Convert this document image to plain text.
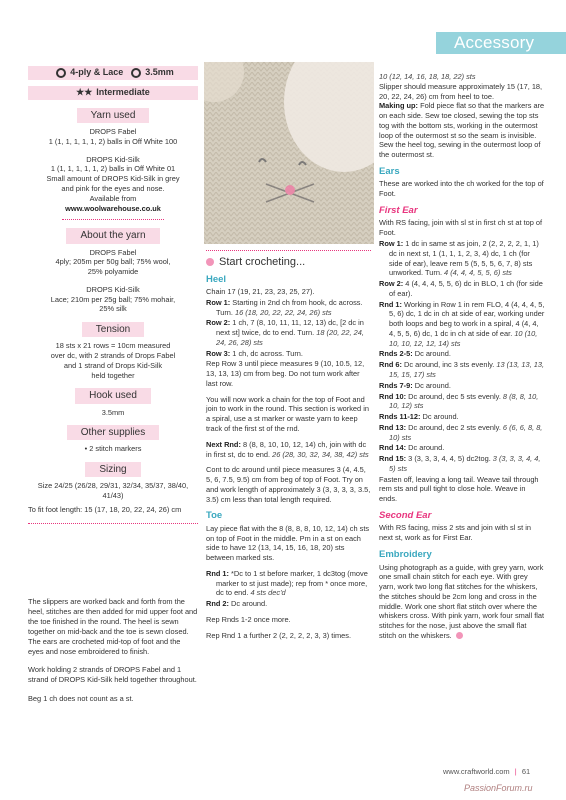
Accessory
4-ply & Lace 3.5mm
★★ Intermediate
Yarn used
DROPS Fabel
1 (1, 1, 1, 1, 1, 2) balls in Off White 100
DROPS Kid-Silk
1 (1, 1, 1, 1, 1, 2) balls in Off White 01
Small amount of DROPS Kid-Silk in grey
and pink for the eyes and nose.
Available from
www.woolwarehouse.co.uk
About the yarn
DROPS Fabel
4ply; 205m per 50g ball; 75% wool,
25% polyamide
DROPS Kid-Silk
Lace; 210m per 25g ball; 75% mohair,
25% silk
Tension
18 sts x 21 rows = 10cm measured
over dc, with 2 strands of Drops Fabel
and 1 strand of Drops Kid-Silk
held together
Hook used
3.5mm
Other supplies
• 2 stitch markers
Sizing
Size 24/25 (26/28, 29/31, 32/34, 35/37, 38/40, 41/43)
To fit foot length: 15 (17, 18, 20, 22, 24, 26) cm

The slippers are worked back and forth from the heel, stitches are then added for mid upper foot and the toe finished in the round. The heel is sewn together on mid-back and the toe is sewn closed. The ears are crocheted mid-top of foot and the eyes and nose embroidered to finish.

Work holding 2 strands of DROPS Fabel and 1 strand of DROPS Kid-Silk held together throughout.

Beg 1 ch does not count as a st.

Start crocheting...
Heel

Chain 17 (19, 21, 23, 23, 25, 27).

Row 1: Starting in 2nd ch from hook, dc across. Turn. 16 (18, 20, 22, 22, 24, 26) sts

Row 2: 1 ch, 7 (8, 10, 11, 11, 12, 13) dc, [2 dc in next st] twice, dc to end. Turn. 18 (20, 22, 24, 24, 26, 28) sts

Row 3: 1 ch, dc across. Turn.

Rep Row 3 until piece measures 9 (10, 10.5, 12, 13, 13, 13) cm from beg. Do not turn work after last row.

You will now work a chain for the top of Foot and join to work in the round. This section is worked in a spiral, use a st marker or waste yarn to keep track of the first st of the rnd.

Next Rnd: 8 (8, 8, 10, 10, 12, 14) ch, join with dc in first st, dc to end. 26 (28, 30, 32, 34, 38, 42) sts

Cont to dc around until piece measures 3 (4, 4.5, 5, 6, 7.5, 9.5) cm from beg of top of Foot. Try on and work length of approximately 3 (3, 3, 3, 3, 3.5, 3.5) cm less than total length required.

Toe

Lay piece flat with the 8 (8, 8, 8, 10, 12, 14) ch sts on top of Foot in the middle. Pm in a st on each side to have 12 (13, 14, 15, 16, 18, 20) sts between marked sts.

Rnd 1: *Dc to 1 st before marker, 1 dc3tog (move marker to st just made); rep from * once more, dc to end. 4 sts dec'd

Rnd 2: Dc around.

Rep Rnds 1-2 once more.

Rep Rnd 1 a further 2 (2, 2, 2, 2, 3, 3) times.

10 (12, 14, 16, 18, 18, 22) sts

Slipper should measure approximately 15 (17, 18, 20, 22, 24, 26) cm from heel to toe.

Making up: Fold piece flat so that the markers are on each side. Sew toe closed, sewing the top sts tog with the bottom sts, working in the outermost loop of the outermost st so the seam is invisible. Sew the heel tog, sewing in the outermost loop of the outermost st.

Ears

These are worked into the ch worked for the top of Foot.

First Ear

With RS facing, join with sl st in first ch st at top of Foot.

Row 1: 1 dc in same st as join, 2 (2, 2, 2, 2, 1, 1) dc in next st, 1 (1, 1, 1, 2, 3, 4) dc, 1 ch (for side of ear), leave rem 5 (5, 5, 5, 6, 7, 8) sts unworked. Turn. 4 (4, 4, 4, 5, 5, 6) sts

Row 2: 4 (4, 4, 4, 5, 5, 6) dc in BLO, 1 ch (for side of ear).

Rnd 1: Working in Row 1 in rem FLO, 4 (4, 4, 4, 5, 5, 6) dc, 1 dc in ch at side of ear, working under both loops and beg to work in a spiral, 4 (4, 4, 4, 5, 5, 6) dc, 1 dc in ch at side of ear. 10 (10, 10, 10, 12, 12, 14) sts

Rnds 2-5: Dc around.

Rnd 6: Dc around, inc 3 sts evenly. 13 (13, 13, 13, 15, 15, 17) sts

Rnds 7-9: Dc around.

Rnd 10: Dc around, dec 5 sts evenly. 8 (8, 8, 10, 10, 12) sts

Rnds 11-12: Dc around.

Rnd 13: Dc around, dec 2 sts evenly. 6 (6, 6, 8, 8, 10) sts

Rnd 14: Dc around.

Rnd 15: 3 (3, 3, 3, 4, 4, 5) dc2tog. 3 (3, 3, 3, 4, 4, 5) sts

Fasten off, leaving a long tail. Weave tail through rem sts and pull tight to close hole. Weave in ends.

Second Ear

With RS facing, miss 2 sts and join with sl st in next st, work as for First Ear.

Embroidery

Using photograph as a guide, with grey yarn, work one small chain stitch for each eye. With grey yarn, work two long flat stitches for the whiskers, the stitches should be 2cm long and cross in the middle. Work one short flat stitch over where the whiskers cross. With pink yarn, work four small flat stitches for the nose, just above the small flat stitch on the whiskers.

www.craftworld.com | 61
PassionForum.ru
